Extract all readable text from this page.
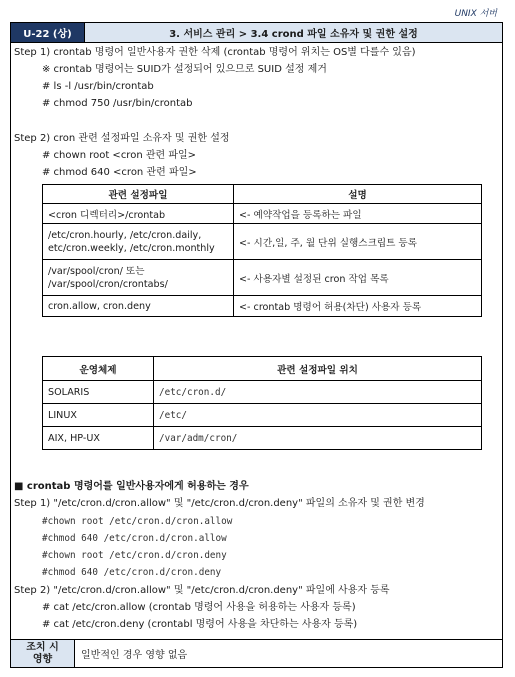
UNIX 서버
U-22 (상)	3. 서비스 관리 > 3.4 crond 파일 소유자 및 권한 설정
Step 1) crontab 명령어 일반사용자 권한 삭제 (crontab 명령어 위치는 OS별 다를수 있음)
※ crontab 명령어는 SUID가 설정되어 있으므로 SUID 설정 제거
# ls -l /usr/bin/crontab
# chmod 750 /usr/bin/crontab
Step 2) cron 관련 설정파일 소유자 및 권한 설정
# chown root <cron 관련 파일>
# chmod 640 <cron 관련 파일>
관련 설정파일	설명
<cron 디렉터리>/crontab	<- 예약작업을 등록하는 파일
/etc/cron.hourly, /etc/cron.daily,
etc/cron.weekly, /etc/cron.monthly	<- 시간,일, 주, 월 단위 실행스크립트 등록
/var/spool/cron/ 또는
/var/spool/cron/crontabs/	<- 사용자별 설정된 cron 작업 목록
cron.allow, cron.deny	<- crontab 명령어 허용(차단) 사용자 등록
운영체제	관련 설정파일 위치
SOLARIS	/etc/cron.d/
LINUX	/etc/
AIX, HP-UX	/var/adm/cron/
■ crontab 명령어를 일반사용자에게 허용하는 경우
Step 1) "/etc/cron.d/cron.allow" 및 "/etc/cron.d/cron.deny" 파일의 소유자 및 권한 변경
#chown root /etc/cron.d/cron.allow
#chmod 640 /etc/cron.d/cron.allow
#chown root /etc/cron.d/cron.deny
#chmod 640 /etc/cron.d/cron.deny
Step 2) "/etc/cron.d/cron.allow" 및 "/etc/cron.d/cron.deny" 파일에 사용자 등록
# cat /etc/cron.allow (crontab 명령어 사용을 허용하는 사용자 등록)
# cat /etc/cron.deny (crontabl 명령어 사용을 차단하는 사용자 등록)
조치 시
영향	일반적인 경우 영향 없음
